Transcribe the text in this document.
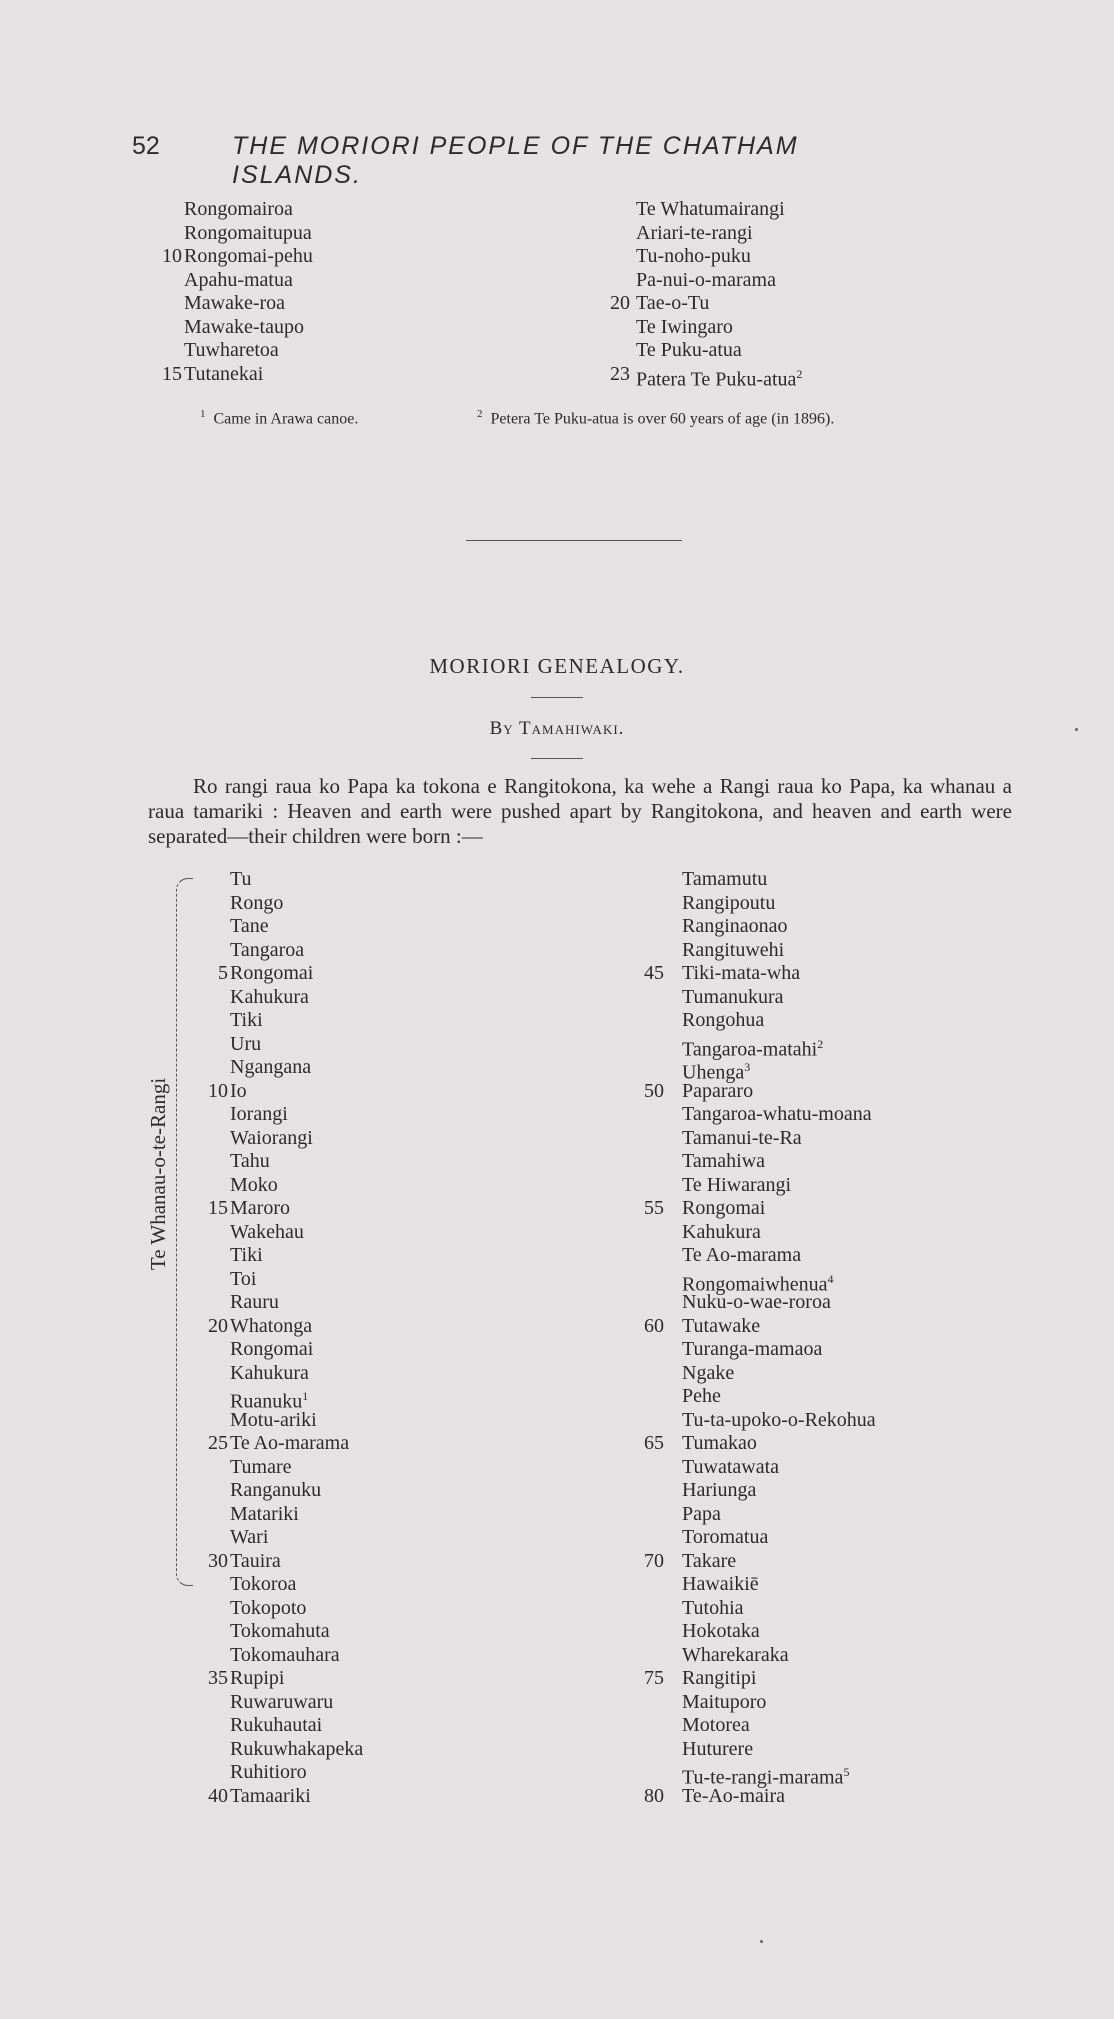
52	THE MORIORI PEOPLE OF THE CHATHAM ISLANDS.
Rongomairoa
Rongomaitupua
10 Rongomai-pehu
Apahu-matua
Mawake-roa
Mawake-taupo
Tuwharetoa
15 Tutanekai
Te Whatumairangi
Ariari-te-rangi
Tu-noho-puku
Pa-nui-o-marama
20 Tae-o-Tu
Te Iwingaro
Te Puku-atua
23 Patera Te Puku-atua$^2$
$^1$ Came in Arawa canoe.	$^2$ Petera Te Puku-atua is over 60 years of age (in 1896).
MORIORI GENEALOGY.
By Tamahiwaki.

Ro rangi raua ko Papa ka tokona e Rangitokona, ka wehe a Rangi raua ko Papa, ka whanau a raua tamariki : Heaven and earth were pushed apart by Rangitokona, and heaven and earth were separated—their children were born :—

Te Whanau-o-te-Rangi
Tu
Rongo
Tane
Tangaroa
5 Rongomai
Kahukura
Tiki
Uru
Ngangana
10 Io
Iorangi
Waiorangi
Tahu
Moko
15 Maroro
Wakehau
Tiki
Toi
Rauru
20 Whatonga
Rongomai
Kahukura
Ruanuku$^1$
Motu-ariki
25 Te Ao-marama
Tumare
Ranganuku
Matariki
Wari
30 Tauira
Tokoroa
Tokopoto
Tokomahuta
Tokomauhara
35 Rupipi
Ruwaruwaru
Rukuhautai
Rukuwhakapeka
Ruhitioro
40 Tamaariki
Tamamutu
Rangipoutu
Ranginaonao
Rangituwehi
45 Tiki-mata-wha
Tumanukura
Rongohua
Tangaroa-matahi$^2$
Uhenga$^3$
50 Papararo
Tangaroa-whatu-moana
Tamanui-te-Ra
Tamahiwa
Te Hiwarangi
55 Rongomai
Kahukura
Te Ao-marama
Rongomaiwhenua$^4$
Nuku-o-wae-roroa
60 Tutawake
Turanga-mamaoa
Ngake
Pehe
Tu-ta-upoko-o-Rekohua
65 Tumakao
Tuwatawata
Hariunga
Papa
Toromatua
70 Takare
Hawaikiē
Tutohia
Hokotaka
Wharekaraka
75 Rangitipi
Maituporo
Motorea
Huturere
Tu-te-rangi-marama$^5$
80 Te-Ao-maira
